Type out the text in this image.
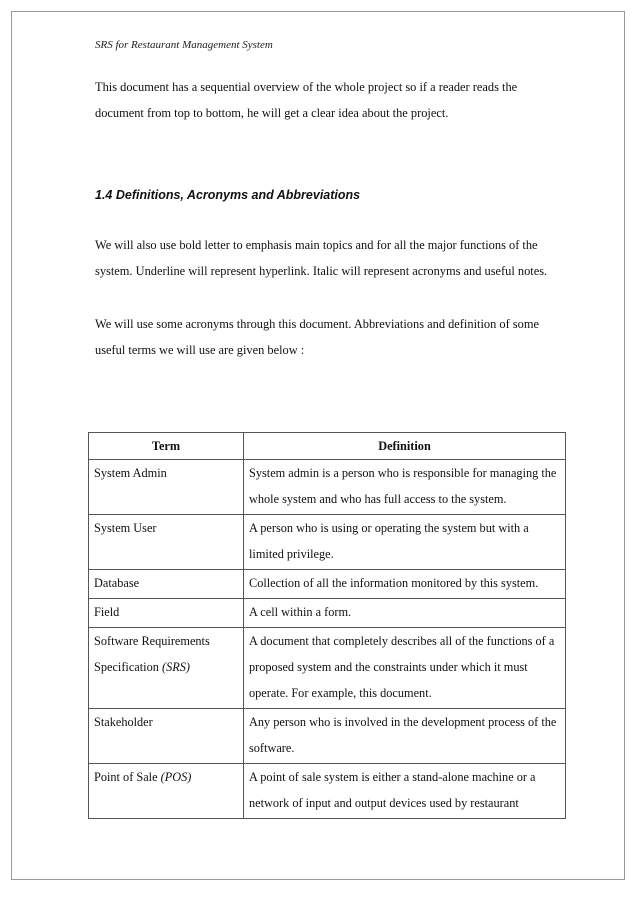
SRS for Restaurant Management System
This document has a sequential overview of the whole project so if a reader reads the document from top to bottom, he will get a clear idea about the project.
1.4 Definitions, Acronyms and Abbreviations
We will also use bold letter to emphasis main topics and for all the major functions of the system. Underline will represent hyperlink. Italic will represent acronyms and useful notes.
We will use some acronyms through this document. Abbreviations and definition of some useful terms we will use are given below :
Term	Definition
System Admin	System admin is a person who is responsible for managing the whole system and who has full access to the system.
System User	A person who is using or operating the system but with a limited privilege.
Database	Collection of all the information monitored by this system.
Field	A cell within a form.
Software Requirements Specification (SRS)	A document that completely describes all of the functions of a proposed system and the constraints under which it must operate. For example, this document.
Stakeholder	Any person who is involved in the development process of the software.
Point of Sale (POS)	A point of sale system is either a stand-alone machine or a network of input and output devices used by restaurant
